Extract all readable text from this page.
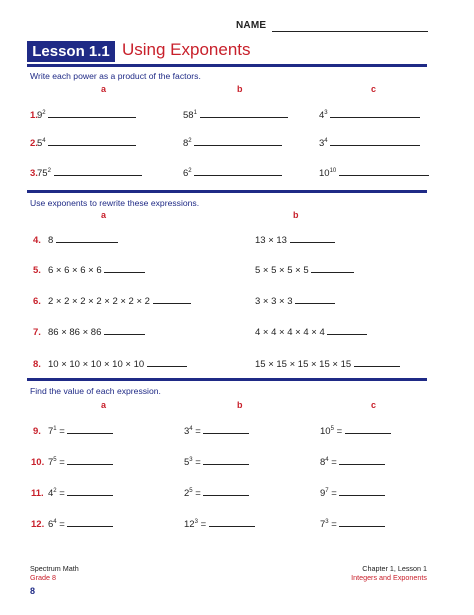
NAME
Lesson 1.1 Using Exponents
Write each power as a product of the factors.
a	b	c
1. $9^2$	$58^1$	$4^3$
2. $5^4$	$8^2$	$3^4$
3. $75^2$	$6^2$	$10^{10}$
Use exponents to rewrite these expressions.
a	b
4. 8	13 × 13
5. 6 × 6 × 6 × 6	5 × 5 × 5 × 5
6. 2 × 2 × 2 × 2 × 2 × 2 × 2	3 × 3 × 3
7. 86 × 86 × 86	4 × 4 × 4 × 4 × 4
8. 10 × 10 × 10 × 10 × 10	15 × 15 × 15 × 15 × 15
Find the value of each expression.
a	b	c
9. $7^1$ =	$3^4$ =	$10^5$ =
10. $7^5$ =	$5^3$ =	$8^4$ =
11. $4^2$ =	$2^5$ =	$9^7$ =
12. $6^4$ =	$12^3$ =	$7^3$ =
Spectrum Math
Grade 8
Chapter 1, Lesson 1
Integers and Exponents
8
